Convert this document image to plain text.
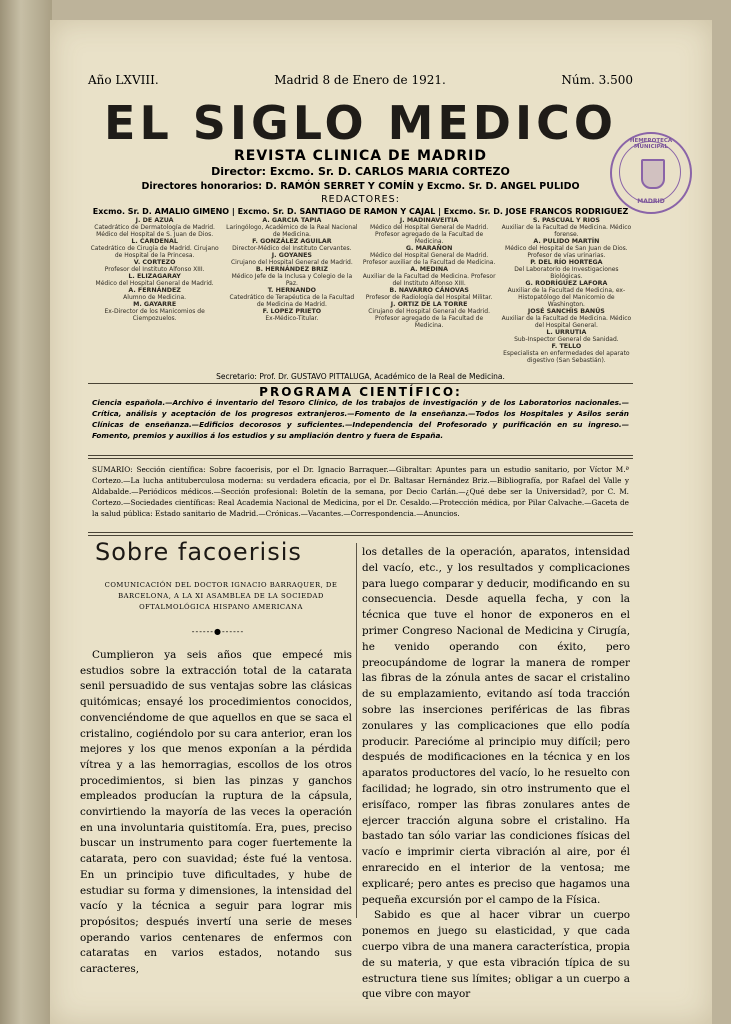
Año LXVIII.	Madrid 8 de Enero de 1921.	Núm. 3.500
EL SIGLO MEDICO
REVISTA CLINICA DE MADRID
Director: Excmo. Sr. D. CARLOS MARIA CORTEZO
Directores honorarios: D. RAMÓN SERRET Y COMÍN y Excmo. Sr. D. ANGEL PULIDO
REDACTORES:
Excmo. Sr. D. AMALIO GIMENO | Excmo. Sr. D. SANTIAGO DE RAMON Y CAJAL | Excmo. Sr. D. JOSE FRANCOS RODRIGUEZ
J. DE AZÚA
Catedrático de Dermatología de Madrid. Médico del Hospital de S. Juan de Dios.
L. CARDENAL
Catedrático de Cirugía de Madrid. Cirujano de Hospital de la Princesa.
V. CORTEZO
Profesor del Instituto Alfonso XIII.
L. ELIZAGARAY
Médico del Hospital General de Madrid.
A. FERNÁNDEZ
Alumno de Medicina.
M. GAYARRE
Ex-Director de los Manicomios de Ciempozuelos.
A. GARCÍA TAPIA
Laringólogo, Académico de la Real Nacional de Medicina.
F. GONZÁLEZ AGUILAR
Director-Médico del Instituto Cervantes.
J. GOYANES
Cirujano del Hospital General de Madrid.
B. HERNÁNDEZ BRIZ
Médico Jefe de la Inclusa y Colegio de la Paz.
T. HERNANDO
Catedrático de Terapéutica de la Facultad de Medicina de Madrid.
F. LOPEZ PRIETO
Ex-Médico-Titular.
J. MADINAVEITIA
Médico del Hospital General de Madrid. Profesor agregado de la Facultad de Medicina.
G. MARAÑON
Médico del Hospital General de Madrid. Profesor auxiliar de la Facultad de Medicina.
A. MEDINA
Auxiliar de la Facultad de Medicina. Profesor del Instituto Alfonso XIII.
B. NAVARRO CÁNOVAS
Profesor de Radiología del Hospital Militar.
J. ORTIZ DE LA TORRE
Cirujano del Hospital General de Madrid. Profesor agregado de la Facultad de Medicina.
S. PASCUAL Y RÍOS
Auxiliar de la Facultad de Medicina. Médico forense.
A. PULIDO MARTÍN
Médico del Hospital de San Juan de Dios. Profesor de vías urinarias.
P. DEL RÍO HORTEGA
Del Laboratorio de Investigaciones Biológicas.
G. RODRÍGUEZ LAFORA
Auxiliar de la Facultad de Medicina, ex-Histopatólogo del Manicomio de Washington.
JOSÉ SANCHIS BANÚS
Auxiliar de la Facultad de Medicina. Médico del Hospital General.
L. URRUTIA
Sub-Inspector General de Sanidad.
F. TELLO
Especialista en enfermedades del aparato digestivo (San Sebastián).
Secretario: Prof. Dr. GUSTAVO PITTALUGA, Académico de la Real de Medicina.
PROGRAMA CIENTÍFICO:
Ciencia española.—Archivo é inventario del Tesoro Clínico, de los trabajos de investigación y de los Laboratorios nacionales.—Crítica, análisis y aceptación de los progresos extranjeros.—Fomento de la enseñanza.—Todos los Hospitales y Asilos serán Clínicas de enseñanza.—Edificios decorosos y suficientes.—Independencia del Profesorado y purificación en su ingreso.—Fomento, premios y auxilios á los estudios y su ampliación dentro y fuera de España.
SUMARIO: Sección científica: Sobre facoerisis, por el Dr. Ignacio Barraquer.—Gibraltar: Apuntes para un estudio sanitario, por Víctor M.ª Cortezo.—La lucha antituberculosa moderna: su verdadera eficacia, por el Dr. Baltasar Hernández Briz.—Bibliografía, por Rafael del Valle y Aldabalde.—Periódicos médicos.—Sección profesional: Boletín de la semana, por Decio Carlán.—¿Qué debe ser la Universidad?, por C. M. Cortezo.—Sociedades científicas: Real Academia Nacional de Medicina, por el Dr. Cesaldo.—Protección médica, por Pilar Calvache.—Gaceta de la salud pública: Estado sanitario de Madrid.—Crónicas.—Vacantes.—Correspondencia.—Anuncios.
Sobre facoerisis
COMUNICACIÓN DEL DOCTOR IGNACIO BARRAQUER, DE BARCELONA, A LA XI ASAMBLEA DE LA SOCIEDAD OFTALMOLÓGICA HISPANO AMERICANA
------●------

Cumplieron ya seis años que empecé mis estudios sobre la extracción total de la catarata senil persuadido de sus ventajas sobre las clásicas quitómicas; ensayé los procedimientos conocidos, convenciéndome de que aquellos en que se saca el cristalino, cogiéndolo por su cara anterior, eran los mejores y los que menos exponían a la pérdida vítrea y a las hemorragias, escollos de los otros procedimientos, si bien las pinzas y ganchos empleados producían la ruptura de la cápsula, convirtiendo la mayoría de las veces la operación en una involuntaria quistitomía. Era, pues, preciso buscar un instrumento para coger fuertemente la catarata, pero con suavidad; éste fué la ventosa. En un principio tuve dificultades, y hube de estudiar su forma y dimensiones, la intensidad del vacío y la técnica a seguir para lograr mis propósitos; después invertí una serie de meses operando varios centenares de enfermos con cataratas en varios estados, notando sus caracteres,

los detalles de la operación, aparatos, intensidad del vacío, etc., y los resultados y complicaciones para luego comparar y deducir, modificando en su consecuencia. Desde aquella fecha, y con la técnica que tuve el honor de exponeros en el primer Congreso Nacional de Medicina y Cirugía, he venido operando con éxito, pero preocupándome de lograr la manera de romper las fibras de la zónula antes de sacar el cristalino de su emplazamiento, evitando así toda tracción sobre las inserciones periféricas de las fibras zonulares y las complicaciones que ello podía producir. Parecióme al principio muy difícil; pero después de modificaciones en la técnica y en los aparatos productores del vacío, lo he resuelto con facilidad; he logrado, sin otro instrumento que el erisífaco, romper las fibras zonulares antes de ejercer tracción alguna sobre el cristalino. Ha bastado tan sólo variar las condiciones físicas del vacío e imprimir cierta vibración al aire, por él enrarecido en el interior de la ventosa; me explicaré; pero antes es preciso que hagamos una pequeña excursión por el campo de la Física.

Sabido es que al hacer vibrar un cuerpo ponemos en juego su elasticidad, y que cada cuerpo vibra de una manera característica, propia de su materia, y que esta vibración típica de su estructura tiene sus límites; obligar a un cuerpo a que vibre con mayor

HEMEROTECA MUNICIPAL
MADRID
